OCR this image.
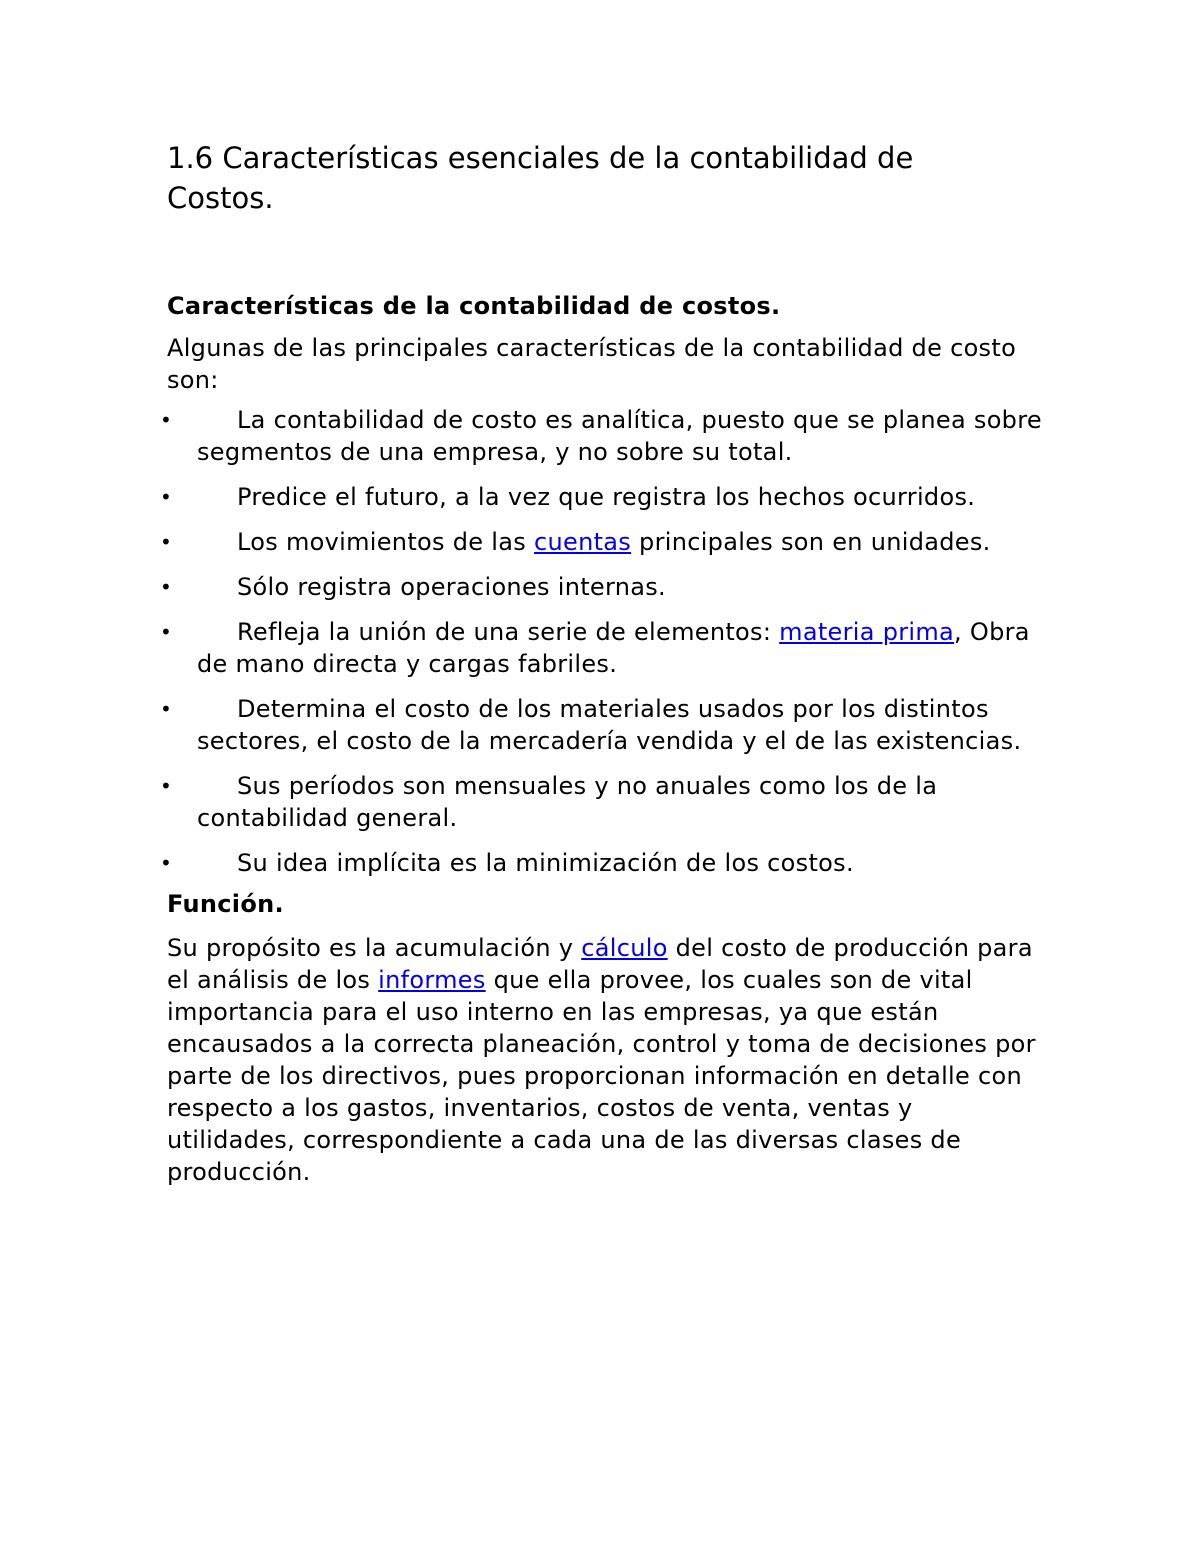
1.6 Características esenciales de la contabilidad de Costos.
Características de la contabilidad de costos.

Algunas de las principales características de la contabilidad de costo son:

•	La contabilidad de costo es analítica, puesto que se planea sobre segmentos de una empresa, y no sobre su total.
•	Predice el futuro, a la vez que registra los hechos ocurridos.
•	Los movimientos de las cuentas principales son en unidades.
•	Sólo registra operaciones internas.
•	Refleja la unión de una serie de elementos: materia prima, Obra de mano directa y cargas fabriles.
•	Determina el costo de los materiales usados por los distintos sectores, el costo de la mercadería vendida y el de las existencias.
•	Sus períodos son mensuales y no anuales como los de la contabilidad general.
•	Su idea implícita es la minimización de los costos.
Función.

Su propósito es la acumulación y cálculo del costo de producción para el análisis de los informes que ella provee, los cuales son de vital importancia para el uso interno en las empresas, ya que están encausados a la correcta planeación, control y toma de decisiones por parte de los directivos, pues proporcionan información en detalle con respecto a los gastos, inventarios, costos de venta, ventas y utilidades, correspondiente a cada una de las diversas clases de producción.
